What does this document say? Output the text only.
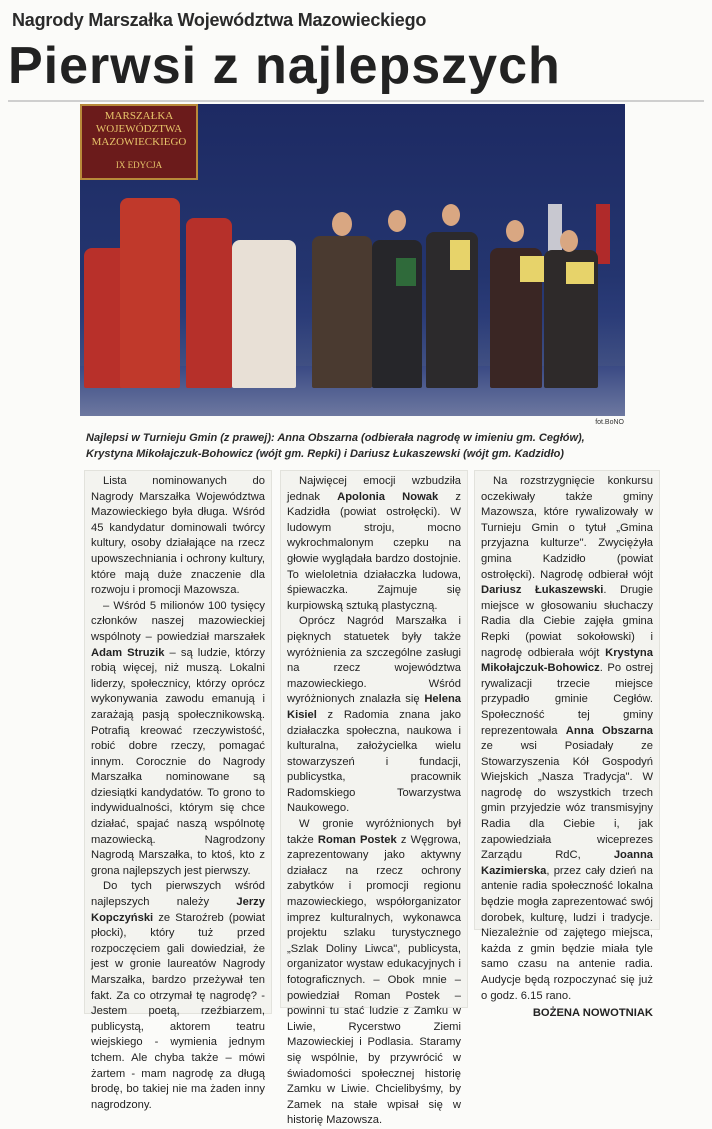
Nagrody Marszałka Województwa Mazowieckiego
Pierwsi z najlepszych
MARSZAŁKA
WOJEWÓDZTWA
MAZOWIECKIEGO
IX EDYCJA
fot.BoNO
Najlepsi w Turnieju Gmin (z prawej): Anna Obszarna (odbierała nagrodę w imieniu gm. Cegłów), Krystyna Mikołajczuk-Bohowicz (wójt gm. Repki) i Dariusz Łukaszewski (wójt gm. Kadzidło)

Lista nominowanych do Nagrody Marszałka Województwa Mazowieckiego była długa. Wśród 45 kandydatur dominowali twórcy kultury, osoby działające na rzecz upowszechniania i ochrony kultury, które mają duże znaczenie dla rozwoju i promocji Mazowsza.

– Wśród 5 milionów 100 tysięcy członków naszej mazowieckiej wspólnoty – powiedział marszałek Adam Struzik – są ludzie, którzy robią więcej, niż muszą. Lokalni liderzy, społecznicy, którzy oprócz wykonywania zawodu emanują i zarażają pasją społecznikowską. Potrafią kreować rzeczywistość, robić dobre rzeczy, pomagać innym. Corocznie do Nagrody Marszałka nominowane są dziesiątki kandydatów. To grono to indywidualności, którym się chce działać, spajać naszą wspólnotę mazowiecką. Nagrodzony Nagrodą Marszałka, to ktoś, kto z grona najlepszych jest pierwszy.

Do tych pierwszych wśród najlepszych należy Jerzy Kopczyński ze Staroźreb (powiat płocki), który tuż przed rozpoczęciem gali dowiedział, że jest w gronie laureatów Nagrody Marszałka, bardzo przeżywał ten fakt. Za co otrzymał tę nagrodę? - Jestem poetą, rzeźbiarzem, publicystą, aktorem teatru wiejskiego - wymienia jednym tchem. Ale chyba także – mówi żartem - mam nagrodę za długą brodę, bo takiej nie ma żaden inny nagrodzony.

Najwięcej emocji wzbudziła jednak Apolonia Nowak z Kadzidła (powiat ostrołęcki). W ludowym stroju, mocno wykrochmalonym czepku na głowie wyglądała bardzo dostojnie. To wieloletnia działaczka ludowa, śpiewaczka. Zajmuje się kurpiowską sztuką plastyczną.

Oprócz Nagród Marszałka i pięknych statuetek były także wyróżnienia za szczególne zasługi na rzecz województwa mazowieckiego. Wśród wyróżnionych znalazła się Helena Kisiel z Radomia znana jako działaczka społeczna, naukowa i kulturalna, założycielka wielu stowarzyszeń i fundacji, publicystka, pracownik Radomskiego Towarzystwa Naukowego.

W gronie wyróżnionych był także Roman Postek z Węgrowa, zaprezentowany jako aktywny działacz na rzecz ochrony zabytków i promocji regionu mazowieckiego, współorganizator imprez kulturalnych, wykonawca projektu szlaku turystycznego „Szlak Doliny Liwca", publicysta, organizator wystaw edukacyjnych i fotograficznych. – Obok mnie – powiedział Roman Postek – powinni tu stać ludzie z Zamku w Liwie, Rycerstwo Ziemi Mazowieckiej i Podlasia. Staramy się wspólnie, by przywrócić w świadomości społecznej historię Zamku w Liwie. Chcielibyśmy, by Zamek na stałe wpisał się w historię Mazowsza.

Na rozstrzygnięcie konkursu oczekiwały także gminy Mazowsza, które rywalizowały w Turnieju Gmin o tytuł „Gmina przyjazna kulturze". Zwyciężyła gmina Kadzidło (powiat ostrołęcki). Nagrodę odbierał wójt Dariusz Łukaszewski. Drugie miejsce w głosowaniu słuchaczy Radia dla Ciebie zajęła gmina Repki (powiat sokołowski) i nagrodę odbierała wójt Krystyna Mikołajczuk-Bohowicz. Po ostrej rywalizacji trzecie miejsce przypadło gminie Cegłów. Społeczność tej gminy reprezentowała Anna Obszarna ze wsi Posiadały ze Stowarzyszenia Kół Gospodyń Wiejskich „Nasza Tradycja". W nagrodę do wszystkich trzech gmin przyjedzie wóz transmisyjny Radia dla Ciebie i, jak zapowiedziała wiceprezes Zarządu RdC, Joanna Kazimierska, przez cały dzień na antenie radia społeczność lokalna będzie mogła zaprezentować swój dorobek, kulturę, ludzi i tradycje. Niezależnie od zajętego miejsca, każda z gmin będzie miała tyle samo czasu na antenie radia. Audycje będą rozpoczynać się już o godz. 6.15 rano.

BOŻENA NOWOTNIAK
